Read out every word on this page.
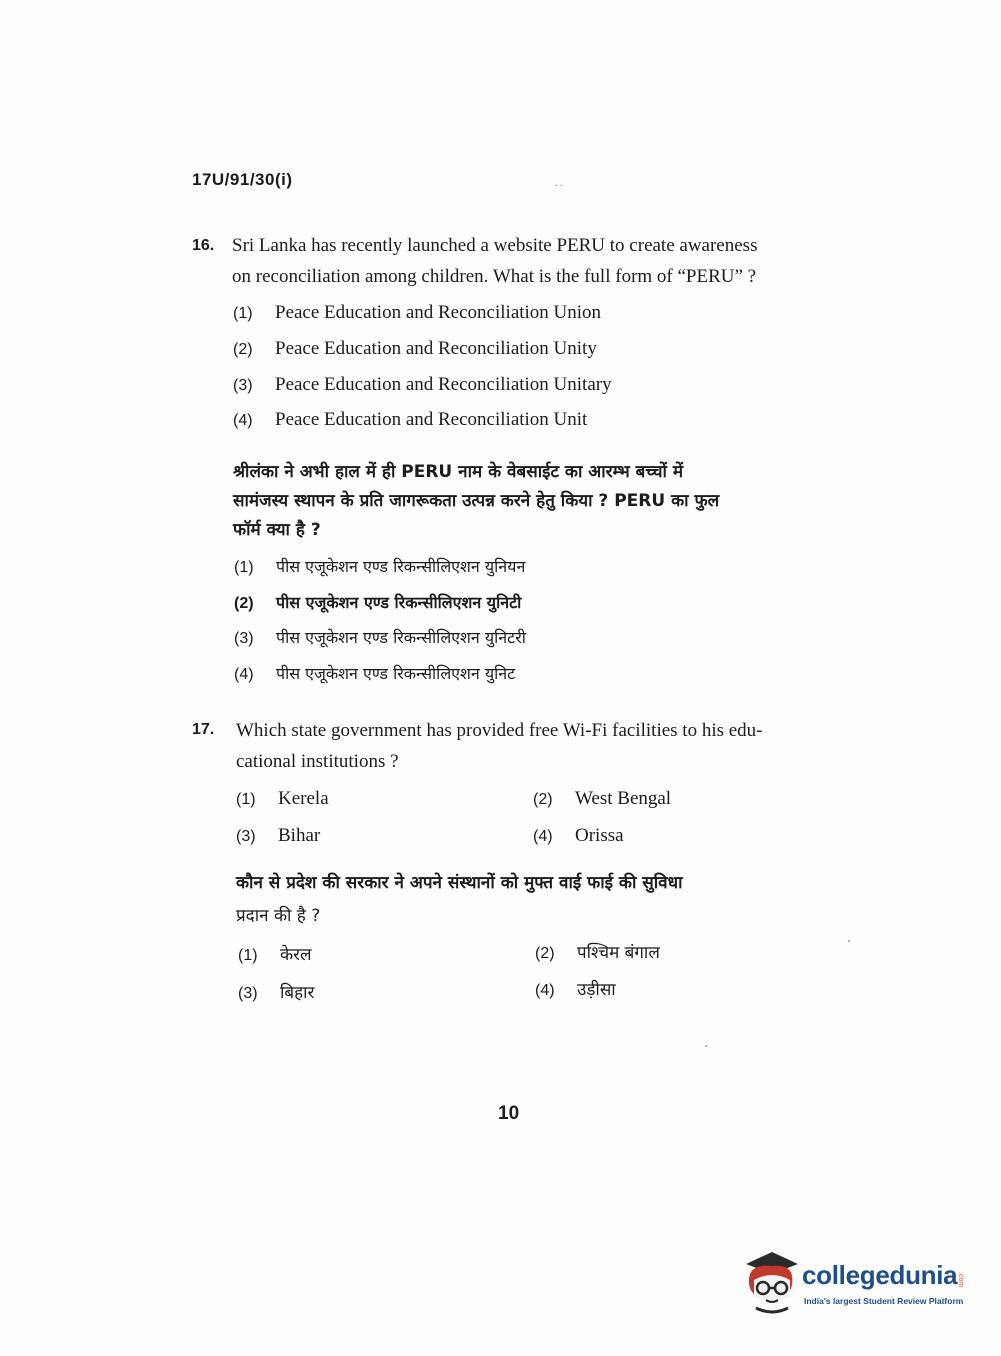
17U/91/30(i)	. .
16. Sri Lanka has recently launched a website PERU to create awareness
on reconciliation among children. What is the full form of “PERU” ?
(1) Peace Education and Reconciliation Union
(2) Peace Education and Reconciliation Unity
(3) Peace Education and Reconciliation Unitary
(4) Peace Education and Reconciliation Unit
श्रीलंका ने अभी हाल में ही PERU नाम के वेबसाईट का आरम्भ बच्चों में
सामंजस्य स्थापन के प्रति जागरूकता उत्पन्न करने हेतु किया ? PERU का फुल
फॉर्म क्या है ?
(1) पीस एजूकेशन एण्ड रिकन्सीलिएशन युनियन
(2) पीस एजूकेशन एण्ड रिकन्सीलिएशन युनिटी
(3) पीस एजूकेशन एण्ड रिकन्सीलिएशन युनिटरी
(4) पीस एजूकेशन एण्ड रिकन्सीलिएशन युनिट
17. Which state government has provided free Wi-Fi facilities to his edu-
cational institutions ?
(1) Kerela	(2) West Bengal
(3) Bihar	(4) Orissa
कौन से प्रदेश की सरकार ने अपने संस्थानों को मुफ्त वाई फाई की सुविधा
प्रदान की है ?
(1) केरल	(2) पश्चिम बंगाल
(3) बिहार	(4) उड़ीसा
10
collegedunia .com
India's largest Student Review Platform
